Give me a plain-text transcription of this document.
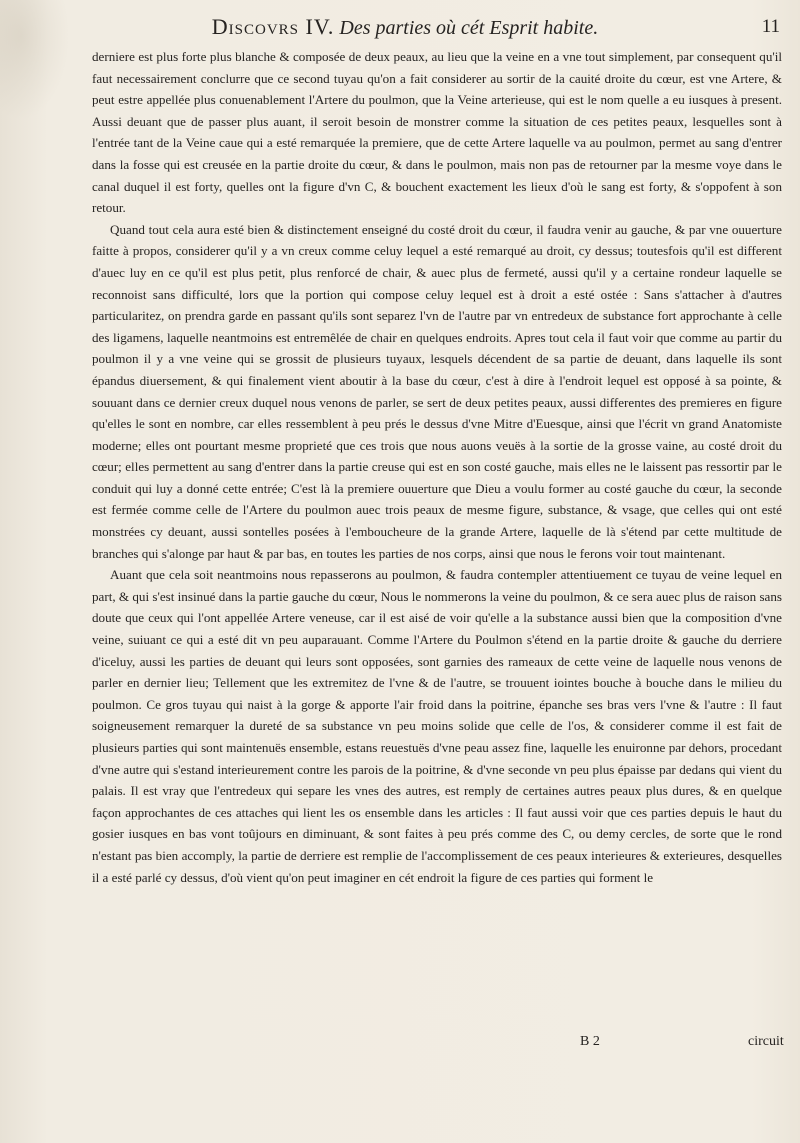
Discovrs IV. Des parties où cét Esprit habite.	11

derniere est plus forte plus blanche & composée de deux peaux, au lieu que la veine en a vne tout simplement, par consequent qu'il faut necessairement conclurre que ce second tuyau qu'on a fait considerer au sortir de la cauité droite du cœur, est vne Artere, & peut estre appellée plus conuenablement l'Artere du poulmon, que la Veine arterieuse, qui est le nom quelle a eu iusques à present. Aussi deuant que de passer plus auant, il seroit besoin de monstrer comme la situation de ces petites peaux, lesquelles sont à l'entrée tant de la Veine caue qui a esté remarquée la premiere, que de cette Artere laquelle va au poulmon, permet au sang d'entrer dans la fosse qui est creusée en la partie droite du cœur, & dans le poulmon, mais non pas de retourner par la mesme voye dans le canal duquel il est forty, quelles ont la figure d'vn C, & bouchent exactement les lieux d'où le sang est forty, & s'oppofent à son retour.

Quand tout cela aura esté bien & distinctement enseigné du costé droit du cœur, il faudra venir au gauche, & par vne ouuerture faitte à propos, considerer qu'il y a vn creux comme celuy lequel a esté remarqué au droit, cy dessus; toutesfois qu'il est different d'auec luy en ce qu'il est plus petit, plus renforcé de chair, & auec plus de fermeté, aussi qu'il y a certaine rondeur laquelle se reconnoist sans difficulté, lors que la portion qui compose celuy lequel est à droit a esté ostée : Sans s'attacher à d'autres particularitez, on prendra garde en passant qu'ils sont separez l'vn de l'autre par vn entredeux de substance fort approchante à celle des ligamens, laquelle neantmoins est entremêlée de chair en quelques endroits. Apres tout cela il faut voir que comme au partir du poulmon il y a vne veine qui se grossit de plusieurs tuyaux, lesquels décendent de sa partie de deuant, dans laquelle ils sont épandus diuersement, & qui finalement vient aboutir à la base du cœur, c'est à dire à l'endroit lequel est opposé à sa pointe, & souuant dans ce dernier creux duquel nous venons de parler, se sert de deux petites peaux, aussi differentes des premieres en figure qu'elles le sont en nombre, car elles ressemblent à peu prés le dessus d'vne Mitre d'Euesque, ainsi que l'écrit vn grand Anatomiste moderne; elles ont pourtant mesme proprieté que ces trois que nous auons veuës à la sortie de la grosse vaine, au costé droit du cœur; elles permettent au sang d'entrer dans la partie creuse qui est en son costé gauche, mais elles ne le laissent pas ressortir par le conduit qui luy a donné cette entrée; C'est là la premiere ouuerture que Dieu a voulu former au costé gauche du cœur, la seconde est fermée comme celle de l'Artere du poulmon auec trois peaux de mesme figure, substance, & vsage, que celles qui ont esté monstrées cy deuant, aussi sontelles posées à l'emboucheure de la grande Artere, laquelle de là s'étend par cette multitude de branches qui s'alonge par haut & par bas, en toutes les parties de nos corps, ainsi que nous le ferons voir tout maintenant.

Auant que cela soit neantmoins nous repasserons au poulmon, & faudra contempler attentiuement ce tuyau de veine lequel en part, & qui s'est insinué dans la partie gauche du cœur, Nous le nommerons la veine du poulmon, & ce sera auec plus de raison sans doute que ceux qui l'ont appellée Artere veneuse, car il est aisé de voir qu'elle a la substance aussi bien que la composition d'vne veine, suiuant ce qui a esté dit vn peu auparauant. Comme l'Artere du Poulmon s'étend en la partie droite & gauche du derriere d'iceluy, aussi les parties de deuant qui leurs sont opposées, sont garnies des rameaux de cette veine de laquelle nous venons de parler en dernier lieu; Tellement que les extremitez de l'vne & de l'autre, se trouuent iointes bouche à bouche dans le milieu du poulmon. Ce gros tuyau qui naist à la gorge & apporte l'air froid dans la poitrine, épanche ses bras vers l'vne & l'autre : Il faut soigneusement remarquer la dureté de sa substance vn peu moins solide que celle de l'os, & considerer comme il est fait de plusieurs parties qui sont maintenuës ensemble, estans reuestuës d'vne peau assez fine, laquelle les enuironne par dehors, procedant d'vne autre qui s'estand interieurement contre les parois de la poitrine, & d'vne seconde vn peu plus épaisse par dedans qui vient du palais. Il est vray que l'entredeux qui separe les vnes des autres, est remply de certaines autres peaux plus dures, & en quelque façon approchantes de ces attaches qui lient les os ensemble dans les articles : Il faut aussi voir que ces parties depuis le haut du gosier iusques en bas vont toûjours en diminuant, & sont faites à peu prés comme des C, ou demy cercles, de sorte que le rond n'estant pas bien accomply, la partie de derriere est remplie de l'accomplissement de ces peaux interieures & exterieures, desquelles il a esté parlé cy dessus, d'où vient qu'on peut imaginer en cét endroit la figure de ces parties qui forment le

B 2	circuit
